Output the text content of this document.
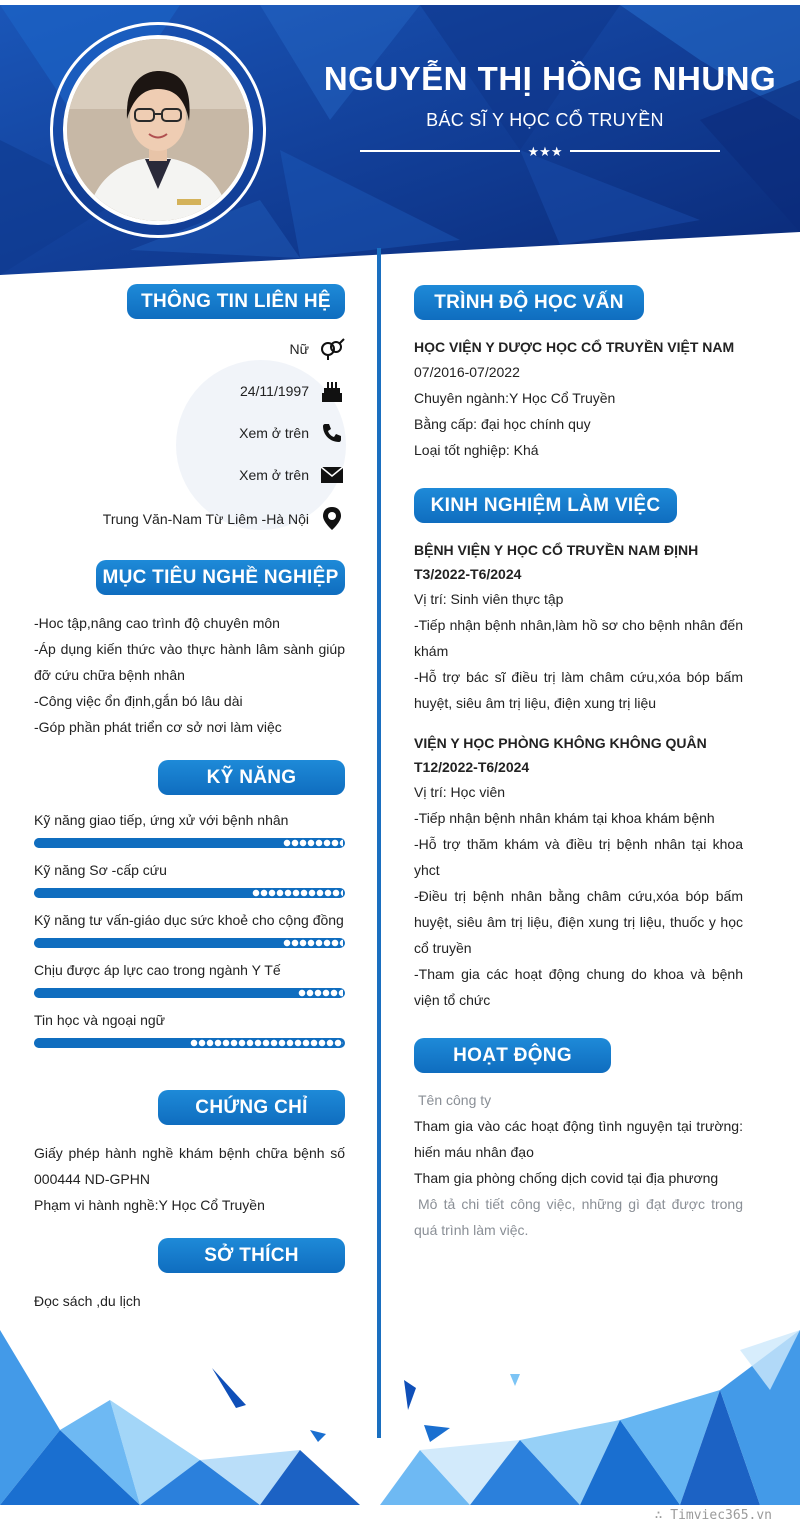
NGUYỄN THỊ HỒNG NHUNG
BÁC SĨ Y HỌC CỔ TRUYỀN
★★★
THÔNG TIN LIÊN HỆ
Nữ
24/11/1997
Xem ở trên
Xem ở trên
Trung Văn-Nam Từ Liêm -Hà Nội
MỤC TIÊU NGHỀ NGHIỆP
-Hoc tập,nâng cao trình độ chuyên môn
-Áp dụng kiến thức vào thực hành lâm sành giúp đỡ cứu chữa bệnh nhân
-Công việc ổn định,gắn bó lâu dài
-Góp phần phát triển cơ sở nơi làm việc
KỸ NĂNG
Kỹ năng giao tiếp, ứng xử với bệnh nhân
Kỹ năng Sơ -cấp cứu
Kỹ năng tư vấn-giáo dục sức khoẻ cho cộng đồng
Chịu được áp lực cao trong ngành Y Tế
Tin học và ngoại ngữ
CHỨNG CHỈ
Giấy phép hành nghề khám bệnh chữa bệnh số 000444 ND-GPHN
Phạm vi hành nghề:Y Học Cổ Truyền
SỞ THÍCH
Đọc sách ,du lịch
TRÌNH ĐỘ HỌC VẤN
HỌC VIỆN Y DƯỢC HỌC CỔ TRUYỀN VIỆT NAM
07/2016-07/2022
Chuyên ngành:Y Học Cổ Truyền
Bằng cấp: đại học chính quy
Loại tốt nghiệp: Khá
KINH NGHIỆM LÀM VIỆC
BỆNH VIỆN Y HỌC CỔ TRUYỀN NAM ĐỊNH
T3/2022-T6/2024
Vị trí: Sinh viên thực tập
-Tiếp nhận bệnh nhân,làm hồ sơ cho bệnh nhân đến khám
-Hỗ trợ bác sĩ điều trị làm châm cứu,xóa bóp bấm huyệt, siêu âm trị liệu, điện xung trị liệu
VIỆN Y HỌC PHÒNG KHÔNG KHÔNG QUÂN
T12/2022-T6/2024
Vị trí: Học viên
-Tiếp nhận bệnh nhân khám tại khoa khám bệnh
-Hỗ trợ thăm khám và điều trị bệnh nhân tại khoa yhct
-Điều trị bệnh nhân bằng châm cứu,xóa bóp bấm huyệt, siêu âm trị liệu, điện xung trị liệu, thuốc y học cổ truyền
-Tham gia các hoạt động chung do khoa và bệnh viện tổ chức
HOẠT ĐỘNG
Tên công ty
Tham gia vào các hoạt động tình nguyện tại trường: hiến máu nhân đạo
Tham gia phòng chống dịch covid tại địa phương
Mô tả chi tiết công việc, những gì đạt được trong quá trình làm việc.
∴ Timviec365.vn
